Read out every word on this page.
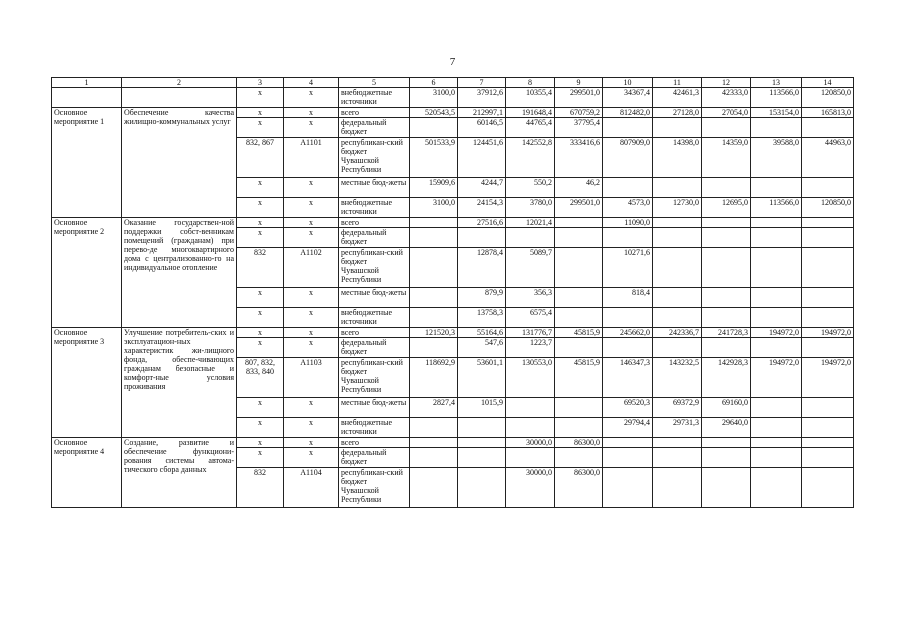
7
1	2	3	4	5	6	7	8	9	10	11	12	13	14
		х	х	внебюджетные источники	3100,0	37912,6	10355,4	299501,0	34367,4	42461,3	42333,0	113566,0	120850,0
Основное мероприятие 1	Обеспечение качества жилищно-коммунальных услуг	х	х	всего	520543,5	212997,1	191648,4	670759,2	812482,0	27128,0	27054,0	153154,0	165813,0
		х	х	федеральный бюджет		60146,5	44765,4	37795,4					
		832, 867	А1101	республикан-ский бюджет Чувашской Республики	501533,9	124451,6	142552,8	333416,6	807909,0	14398,0	14359,0	39588,0	44963,0
		х	х	местные бюд-жеты	15909,6	4244,7	550,2	46,2					
		х	х	внебюджетные источники	3100,0	24154,3	3780,0	299501,0	4573,0	12730,0	12695,0	113566,0	120850,0
Основное мероприятие 2	Оказание государствен-ной поддержки собст-венникам помещений (гражданам) при перево-де многоквартирного дома с централизованно-го на индивидуальное отопление	х	х	всего		27516,6	12021,4		11090,0				
		х	х	федеральный бюджет									
		832	А1102	республикан-ский бюджет Чувашской Республики		12878,4	5089,7		10271,6				
		х	х	местные бюд-жеты		879,9	356,3		818,4				
		х	х	внебюджетные источники		13758,3	6575,4						
Основное мероприятие 3	Улучшение потребитель-ских и эксплуатацион-ных характеристик жи-лищного фонда, обеспе-чивающих гражданам безопасные и комфорт-ные условия проживания	х	х	всего	121520,3	55164,6	131776,7	45815,9	245662,0	242336,7	241728,3	194972,0	194972,0
		х	х	федеральный бюджет		547,6	1223,7						
		807, 832, 833, 840	А1103	республикан-ский бюджет Чувашской Республики	118692,9	53601,1	130553,0	45815,9	146347,3	143232,5	142928,3	194972,0	194972,0
		х	х	местные бюд-жеты	2827,4	1015,9			69520,3	69372,9	69160,0		
		х	х	внебюджетные источники					29794,4	29731,3	29640,0		
Основное мероприятие 4	Создание, развитие и обеспечение функциони-рования системы автома-тического сбора данных	х	х	всего			30000,0	86300,0					
		х	х	федеральный бюджет									
		832	А1104	республикан-ский бюджет Чувашской Республики			30000,0	86300,0					
